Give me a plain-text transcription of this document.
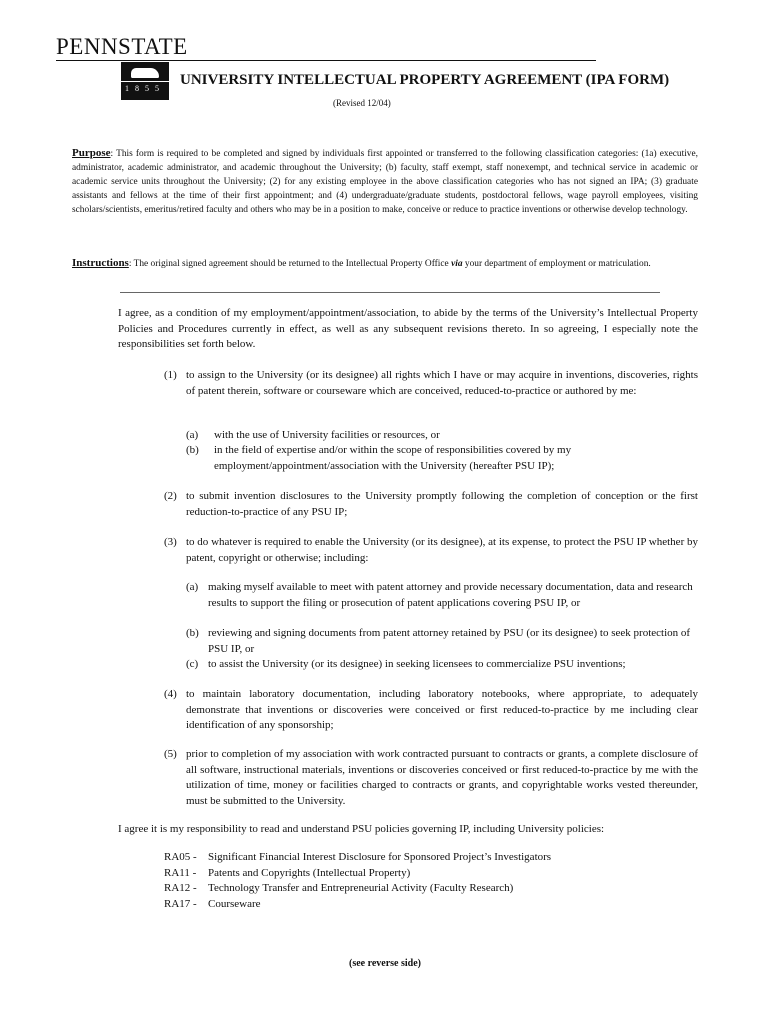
PENNSTATE
1855
UNIVERSITY INTELLECTUAL PROPERTY AGREEMENT (IPA FORM)
(Revised 12/04)
Purpose: This form is required to be completed and signed by individuals first appointed or transferred to the following classification categories: (1a) executive, administrator, academic administrator, and academic throughout the University; (b) faculty, staff exempt, staff nonexempt, and technical service in academic or academic service units throughout the University; (2) for any existing employee in the above classification categories who has not signed an IPA; (3) graduate assistants and fellows at the time of their first appointment; and (4) undergraduate/graduate students, postdoctoral fellows, wage payroll employees, visiting scholars/scientists, emeritus/retired faculty and others who may be in a position to make, conceive or reduce to practice inventions or otherwise develop technology.
Instructions: The original signed agreement should be returned to the Intellectual Property Office via your department of employment or matriculation.
I agree, as a condition of my employment/appointment/association, to abide by the terms of the University’s Intellectual Property Policies and Procedures currently in effect, as well as any subsequent revisions thereto. In so agreeing, I especially note the responsibilities set forth below.
(1) to assign to the University (or its designee) all rights which I have or may acquire in inventions, discoveries, rights of patent therein, software or courseware which are conceived, reduced-to-practice or authored by me:
(a) with the use of University facilities or resources, or
(b) in the field of expertise and/or within the scope of responsibilities covered by my employment/appointment/association with the University (hereafter PSU IP);
(2) to submit invention disclosures to the University promptly following the completion of conception or the first reduction-to-practice of any PSU IP;
(3) to do whatever is required to enable the University (or its designee), at its expense, to protect the PSU IP whether by patent, copyright or otherwise; including:
(a) making myself available to meet with patent attorney and provide necessary documentation, data and research results to support the filing or prosecution of patent applications covering PSU IP, or
(b) reviewing and signing documents from patent attorney retained by PSU (or its designee) to seek protection of PSU IP, or
(c) to assist the University (or its designee) in seeking licensees to commercialize PSU inventions;
(4) to maintain laboratory documentation, including laboratory notebooks, where appropriate, to adequately demonstrate that inventions or discoveries were conceived or first reduced-to-practice by me including clear identification of any sponsorship;
(5) prior to completion of my association with work contracted pursuant to contracts or grants, a complete disclosure of all software, instructional materials, inventions or discoveries conceived or first reduced-to-practice by me with the utilization of time, money or facilities charged to contracts or grants, and copyrightable works vested thereunder, must be submitted to the University.
I agree it is my responsibility to read and understand PSU policies governing IP, including University policies:
RA05 -	Significant Financial Interest Disclosure for Sponsored Project’s Investigators
RA11 -	Patents and Copyrights (Intellectual Property)
RA12 -	Technology Transfer and Entrepreneurial Activity (Faculty Research)
RA17 -	Courseware
(see reverse side)
